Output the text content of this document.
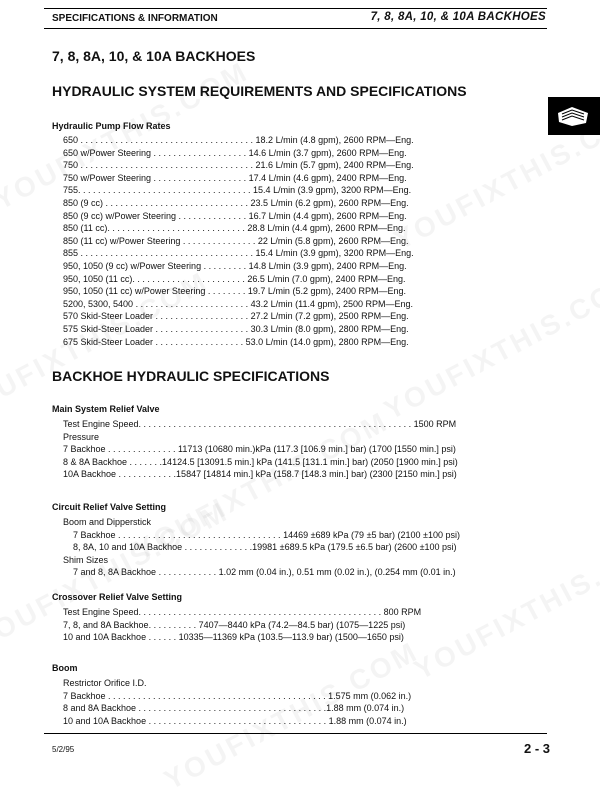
SPECIFICATIONS & INFORMATION	7, 8, 8A, 10, & 10A BACKHOES
7, 8, 8A, 10, & 10A BACKHOES
HYDRAULIC SYSTEM REQUIREMENTS AND SPECIFICATIONS
Hydraulic Pump Flow Rates
650 . . . . . . . . . . . . . . . . . . . . . . . . . . . . . . . . . . . 18.2 L/min (4.8 gpm), 2600 RPM—Eng.
650 w/Power Steering . . . . . . . . . . . . . . . . . . . 14.6 L/min (3.7 gpm), 2600 RPM—Eng.
750 . . . . . . . . . . . . . . . . . . . . . . . . . . . . . . . . . . . 21.6 L/min (5.7 gpm), 2400 RPM—Eng.
750 w/Power Steering . . . . . . . . . . . . . . . . . . . 17.4 L/min (4.6 gpm), 2400 RPM—Eng.
755. . . . . . . . . . . . . . . . . . . . . . . . . . . . . . . . . . . 15.4 L/min (3.9 gpm), 3200 RPM—Eng.
850 (9 cc) . . . . . . . . . . . . . . . . . . . . . . . . . . . . . 23.5 L/min (6.2 gpm), 2600 RPM—Eng.
850 (9 cc) w/Power Steering . . . . . . . . . . . . . . 16.7 L/min (4.4 gpm), 2600 RPM—Eng.
850 (11 cc). . . . . . . . . . . . . . . . . . . . . . . . . . . . 28.8 L/min (4.4 gpm), 2600 RPM—Eng.
850 (11 cc) w/Power Steering . . . . . . . . . . . . . . . 22 L/min (5.8 gpm), 2600 RPM—Eng.
855 . . . . . . . . . . . . . . . . . . . . . . . . . . . . . . . . . . . 15.4 L/min (3.9 gpm), 3200 RPM—Eng.
950, 1050 (9 cc) w/Power Steering . . . . . . . . . 14.8 L/min (3.9 gpm), 2400 RPM—Eng.
950, 1050 (11 cc). . . . . . . . . . . . . . . . . . . . . . . 26.5 L/min (7.0 gpm), 2400 RPM—Eng.
950, 1050 (11 cc) w/Power Steering . . . . . . . . 19.7 L/min (5.2 gpm), 2400 RPM—Eng.
5200, 5300, 5400 . . . . . . . . . . . . . . . . . . . . . . . 43.2 L/min (11.4 gpm), 2500 RPM—Eng.
570 Skid-Steer Loader . . . . . . . . . . . . . . . . . . . 27.2 L/min (7.2 gpm), 2500 RPM—Eng.
575 Skid-Steer Loader . . . . . . . . . . . . . . . . . . . 30.3 L/min (8.0 gpm), 2800 RPM—Eng.
675 Skid-Steer Loader . . . . . . . . . . . . . . . . . . 53.0 L/min (14.0 gpm), 2800 RPM—Eng.
BACKHOE HYDRAULIC SPECIFICATIONS
Main System Relief Valve
Test Engine Speed. . . . . . . . . . . . . . . . . . . . . . . . . . . . . . . . . . . . . . . . . . . . . . . . . . . . . . . 1500 RPM
Pressure
7 Backhoe . . . . . . . . . . . . . . 11713 (10680 min.)kPa (117.3 [106.9 min.] bar) (1700 [1550 min.] psi)
8 & 8A Backhoe . . . . . . .14124.5 [13091.5 min.] kPa (141.5 [131.1 min.] bar) (2050 [1900 min.] psi)
10A Backhoe . . . . . . . . . . . .15847 [14814 min.] kPa (158.7 [148.3 min.] bar) (2300 [2150 min.] psi)
Circuit Relief Valve Setting
Boom and Dipperstick
7 Backhoe . . . . . . . . . . . . . . . . . . . . . . . . . . . . . . . . . 14469 ±689 kPa (79 ±5 bar) (2100 ±100 psi)
8, 8A, 10 and 10A Backhoe . . . . . . . . . . . . . .19981 ±689.5 kPa (179.5 ±6.5 bar) (2600 ±100 psi)
Shim Sizes
7 and 8, 8A Backhoe . . . . . . . . . . . . 1.02 mm (0.04 in.), 0.51 mm (0.02 in.), (0.254 mm (0.01 in.)
Crossover Relief Valve Setting
Test Engine Speed. . . . . . . . . . . . . . . . . . . . . . . . . . . . . . . . . . . . . . . . . . . . . . . . . 800 RPM
7, 8, and 8A Backhoe. . . . . . . . . . 7407—8440 kPa (74.2—84.5 bar) (1075—1225 psi)
10 and 10A Backhoe . . . . . . 10335—11369 kPa (103.5—113.9 bar) (1500—1650 psi)
Boom
Restrictor Orifice I.D.
7 Backhoe . . . . . . . . . . . . . . . . . . . . . . . . . . . . . . . . . . . . . . . . . . . . 1.575 mm (0.062 in.)
8 and 8A Backhoe . . . . . . . . . . . . . . . . . . . . . . . . . . . . . . . . . . . . . .1.88 mm (0.074 in.)
10 and 10A Backhoe . . . . . . . . . . . . . . . . . . . . . . . . . . . . . . . . . . . . 1.88 mm (0.074 in.)
5/2/95	2 - 3
